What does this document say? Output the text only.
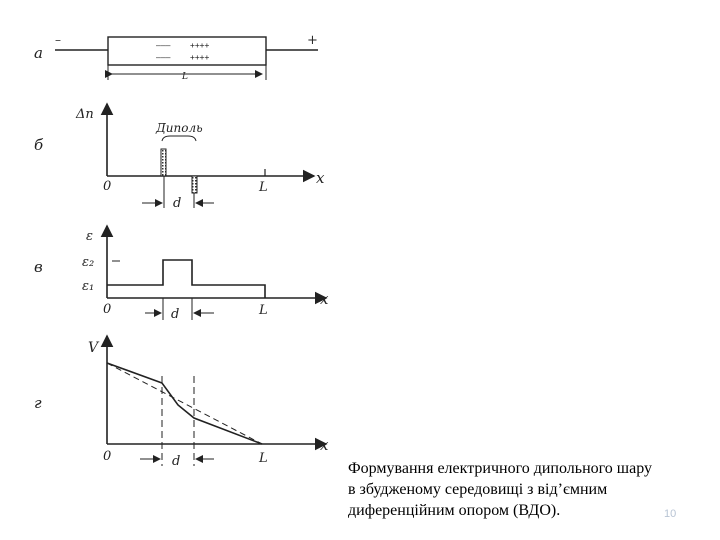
а
–	+
––– ++++
––– ++++
L
б
Δn
x
0	L
Диполь
d
в
ε
x
0
ε₂
ε₁
L
d
г
V
x
0	L
d	Формування електричного дипольного шару
в збудженому середовищі з від’ємним
диференційним опором (ВДО).	10
